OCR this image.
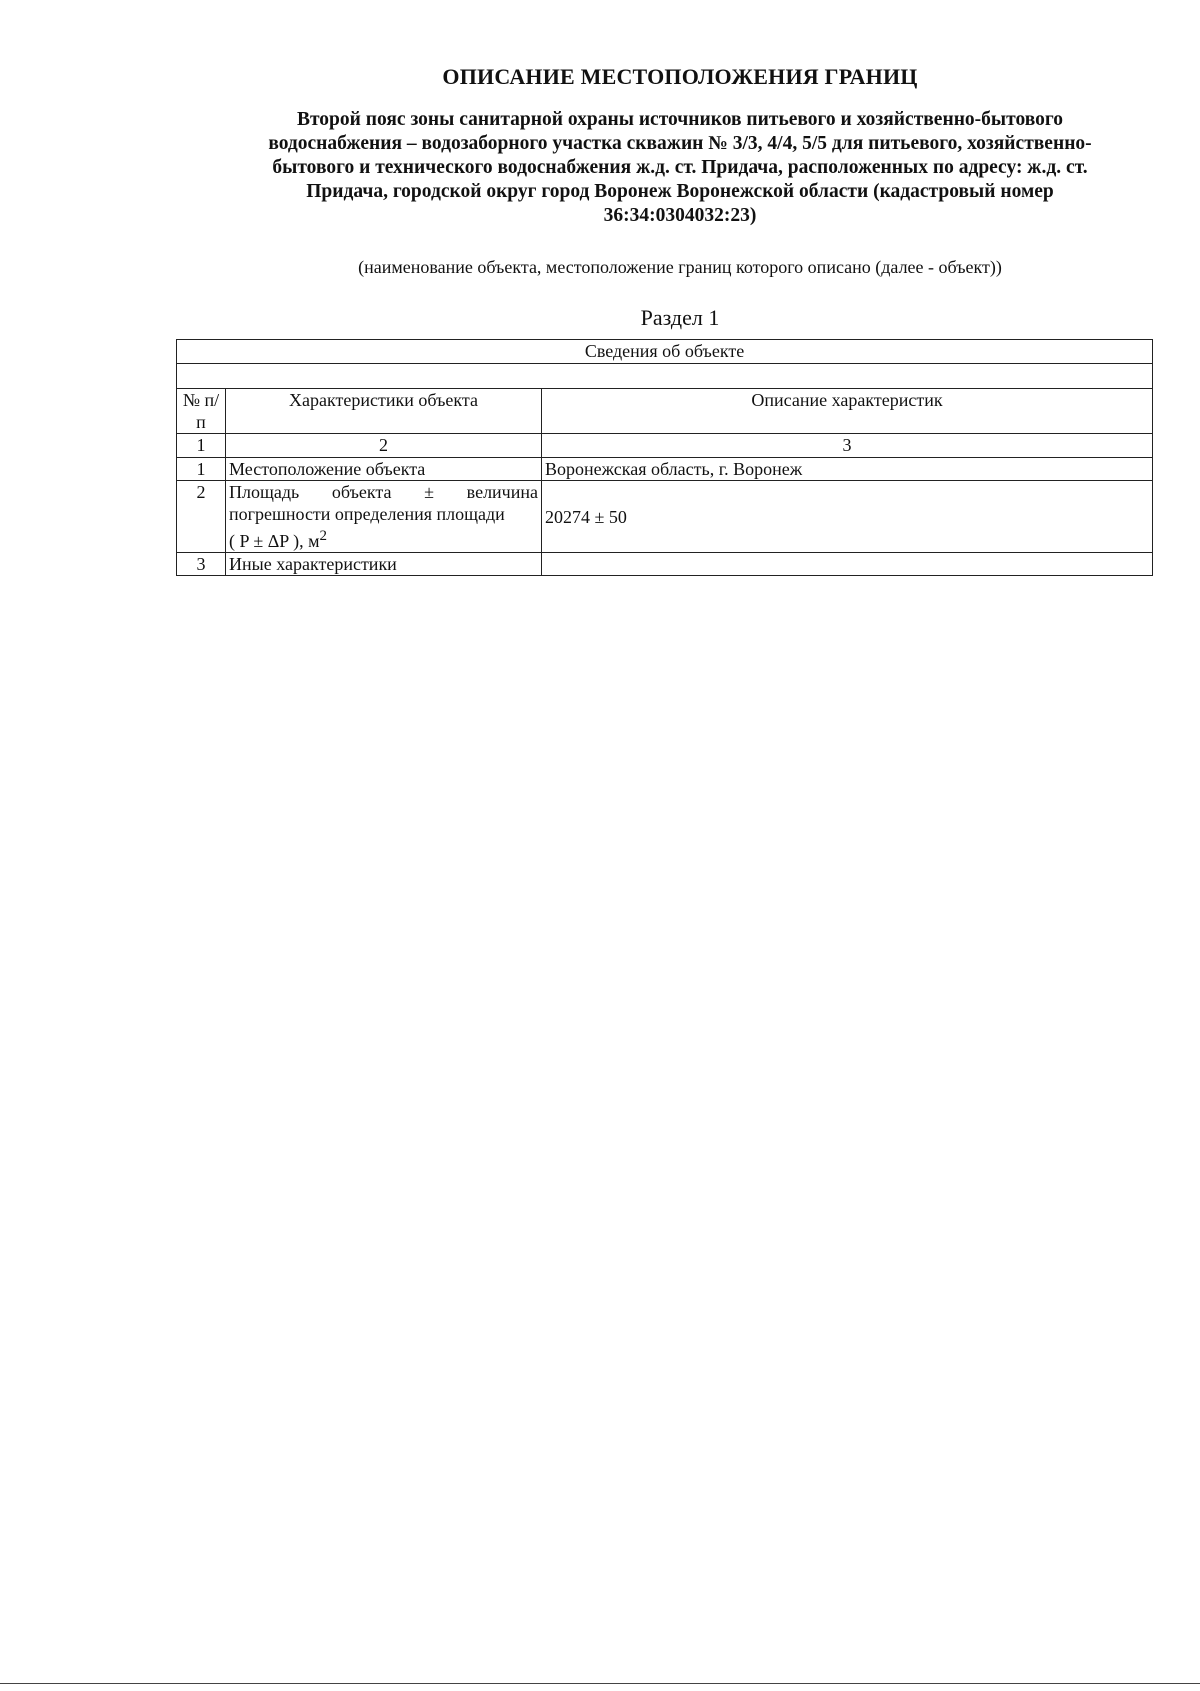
ОПИСАНИЕ МЕСТОПОЛОЖЕНИЯ ГРАНИЦ
Второй пояс зоны санитарной охраны источников питьевого и хозяйственно-бытового
водоснабжения – водозаборного участка скважин № 3/3, 4/4, 5/5 для питьевого, хозяйственно-
бытового и технического водоснабжения ж.д. ст. Придача, расположенных по адресу: ж.д. ст.
Придача, городской округ город Воронеж Воронежской области (кадастровый номер
36:34:0304032:23)

(наименование объекта, местоположение границ которого описано (далее - объект))

Раздел 1
Сведения об объекте		

№ п/п	Характеристики объекта	Описание характеристик
1	2	3
1	Местоположение объекта	Воронежская область, г. Воронеж
2	Площадь объекта ± величина
погрешности определения площади
( P ± ΔP ), $м^2$	20274 ± 50
3	Иные характеристики	
